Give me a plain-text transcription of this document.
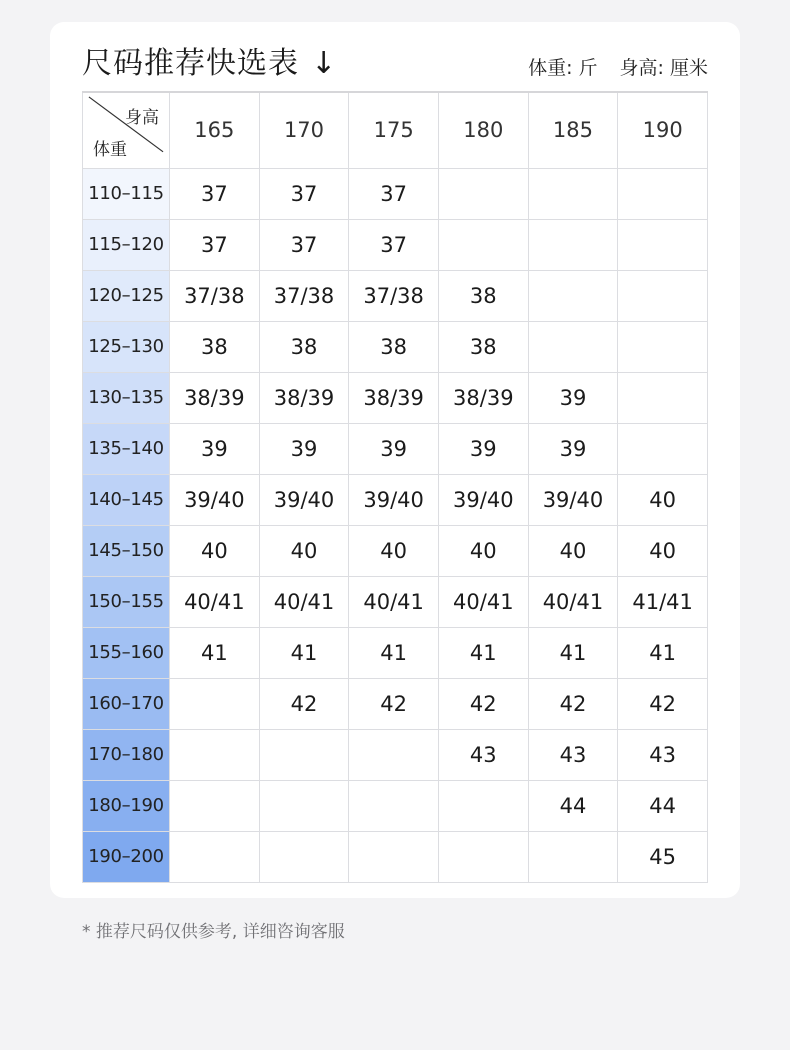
尺码推荐快选表 ↓	体重: 斤 身高: 厘米
身高
体重	165	170	175	180	185	190
110–115	37	37	37			
115–120	37	37	37			
120–125	37/38	37/38	37/38	38		
125–130	38	38	38	38		
130–135	38/39	38/39	38/39	38/39	39	
135–140	39	39	39	39	39	
140–145	39/40	39/40	39/40	39/40	39/40	40
145–150	40	40	40	40	40	40
150–155	40/41	40/41	40/41	40/41	40/41	41/41
155–160	41	41	41	41	41	41
160–170		42	42	42	42	42
170–180				43	43	43
180–190					44	44
190–200						45
* 推荐尺码仅供参考, 详细咨询客服
